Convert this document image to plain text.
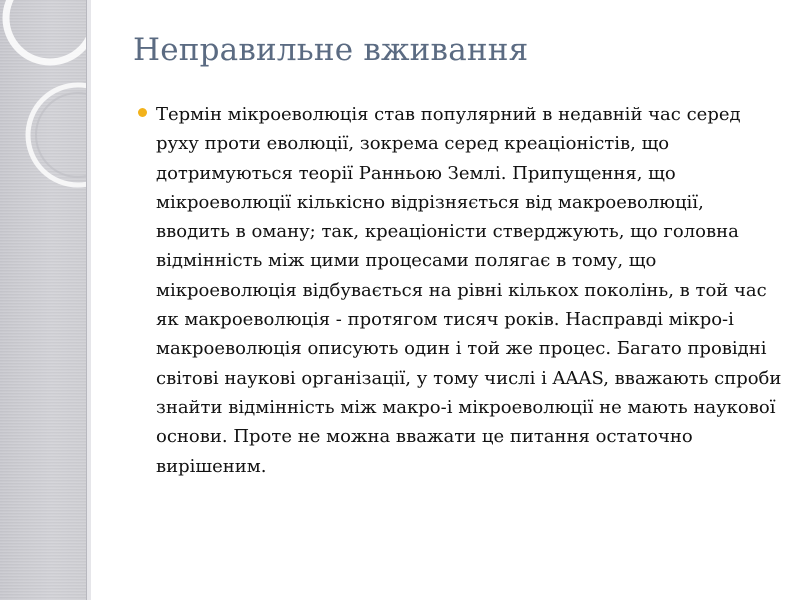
Неправильне вживання
Термін мікроеволюція став популярний в недавній час серед руху проти еволюції, зокрема серед креаціоністів, що дотримуються теорії Ранньою Землі. Припущення, що мікроеволюції кількісно відрізняється від макроеволюції, вводить в оману; так, креаціоністи стверджують, що головна відмінність між цими процесами полягає в тому, що мікроеволюція відбувається на рівні кількох поколінь, в той час як макроеволюція - протягом тисяч років. Насправді мікро-і макроеволюція описують один і той же процес. Багато провідні світові наукові організації, у тому числі і AAAS, вважають спроби знайти відмінність між макро-і мікроеволюції не мають наукової основи. Проте не можна вважати це питання остаточно вирішеним.
